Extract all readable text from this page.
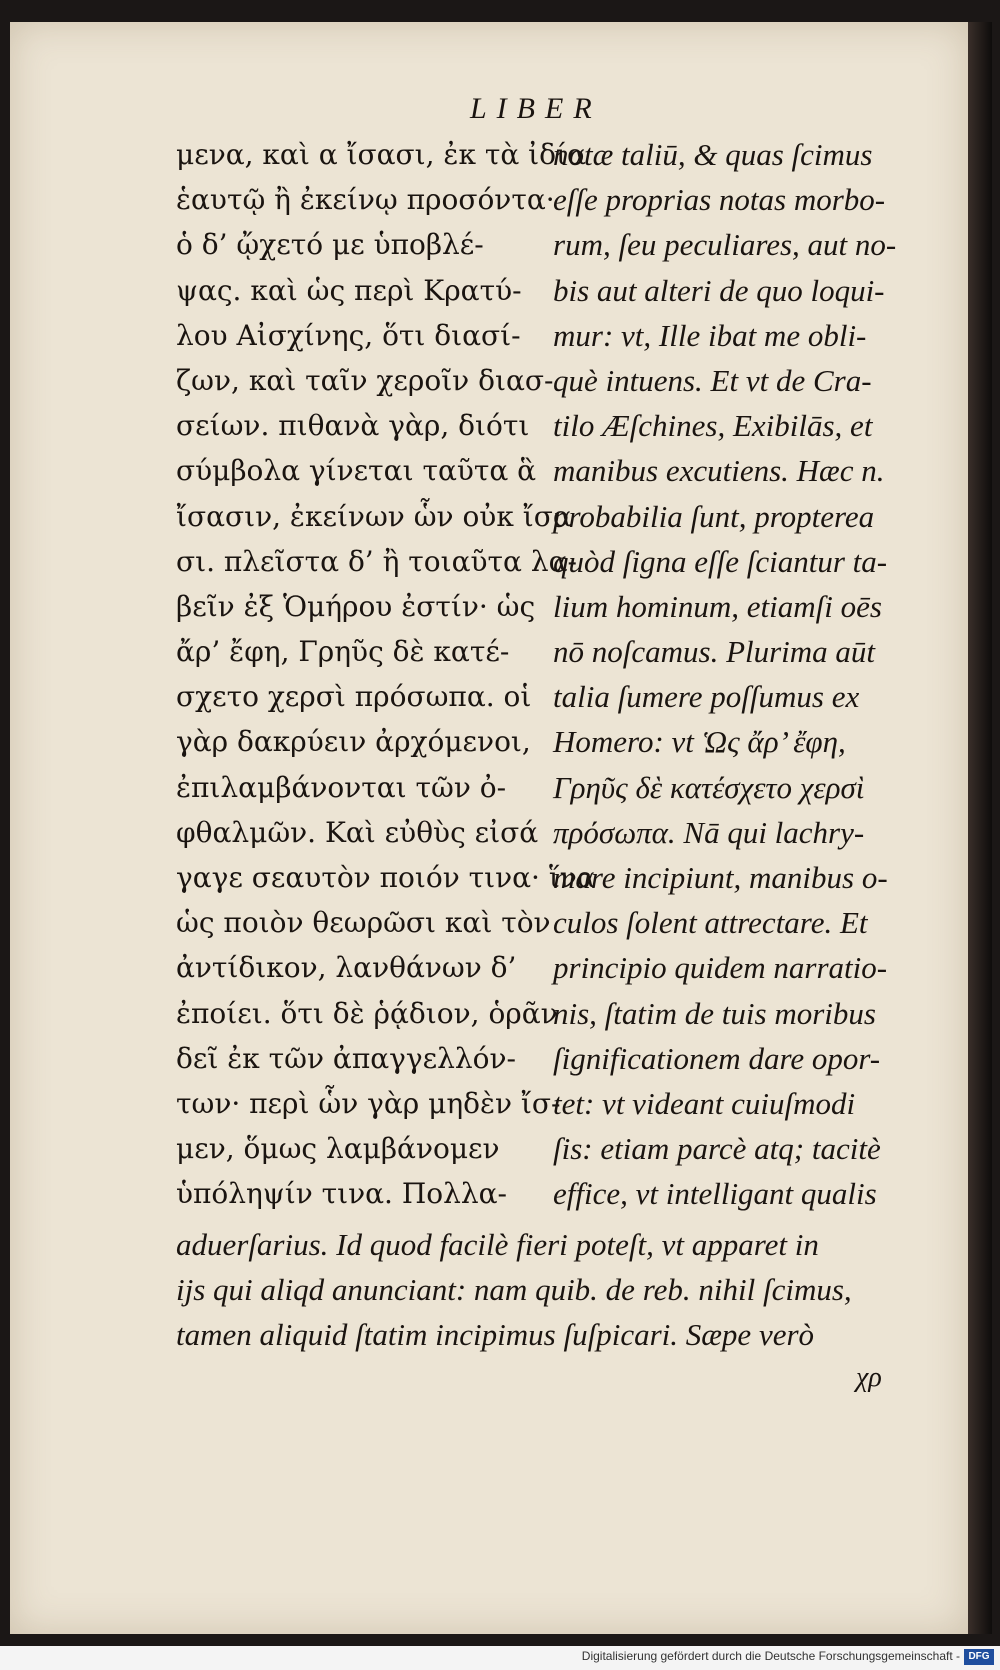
LIBER
μενα, καὶ α ἴσασι, ἐκ τὰ ἰδία
ἑαυτῷ ἢ ἐκείνῳ προσόντα·
ὁ δ’ ᾤχετό με ὑποβλέ-
ψας. καὶ ὡς περὶ Κρατύ-
λου Αἰσχίνης, ὅτι διασί-
ζων, καὶ ταῖν χεροῖν διασ-
σείων. πιθανὰ γὰρ, διότι
σύμβολα γίνεται ταῦτα ἃ
ἴσασιν, ἐκείνων ὧν οὐκ ἴσα
σι. πλεῖστα δ’ ἢ τοιαῦτα λα-
βεῖν ἐξ Ὁμήρου ἐστίν· ὡς
ἄρ’ ἔφη, Γρηῦς δὲ κατέ-
σχετο χερσὶ πρόσωπα. οἱ
γὰρ δακρύειν ἀρχόμενοι,
ἐπιλαμβάνονται τῶν ὀ-
φθαλμῶν. Καὶ εὐθὺς εἰσά
γαγε σεαυτὸν ποιόν τινα· ἵνα
ὡς ποιὸν θεωρῶσι καὶ τὸν
ἀντίδικον, λανθάνων δ’
ἐποίει. ὅτι δὲ ῥᾴδιον, ὁρᾶν
δεῖ ἐκ τῶν ἀπαγγελλόν-
των· περὶ ὧν γὰρ μηδὲν ἴσ-
μεν, ὅμως λαμβάνομεν
ὑπόληψίν τινα. Πολλα-
notæ taliū, & quas ſcimus
eſſe proprias notas morbo-
rum, ſeu peculiares, aut no-
bis aut alteri de quo loqui-
mur: vt, Ille ibat me obli-
què intuens. Et vt de Cra-
tilo Æſchines, Exibilās, et
manibus excutiens. Hæc n.
probabilia ſunt, propterea
quòd ſigna eſſe ſciantur ta-
lium hominum, etiamſi oēs
nō noſcamus. Plurima aūt
talia ſumere poſſumus ex
Homero: vt Ὡς ἄρ’ ἔφη,
Γρηῦς δὲ κατέσχετο χερσὶ
πρόσωπα. Nā qui lachry-
mare incipiunt, manibus o-
culos ſolent attrectare. Et
principio quidem narratio-
nis, ſtatim de tuis moribus
ſignificationem dare opor-
tet: vt videant cuiuſmodi
ſis: etiam parcè atq; tacitè
effice, vt intelligant qualis
aduerſarius. Id quod facilè fieri poteſt, vt apparet in
ijs qui aliqd anunciant: nam quib. de reb. nihil ſcimus,
tamen aliquid ſtatim incipimus ſuſpicari. Sæpe verò
χρ
Digitalisierung gefördert durch die Deutsche Forschungsgemeinschaft - DFG
